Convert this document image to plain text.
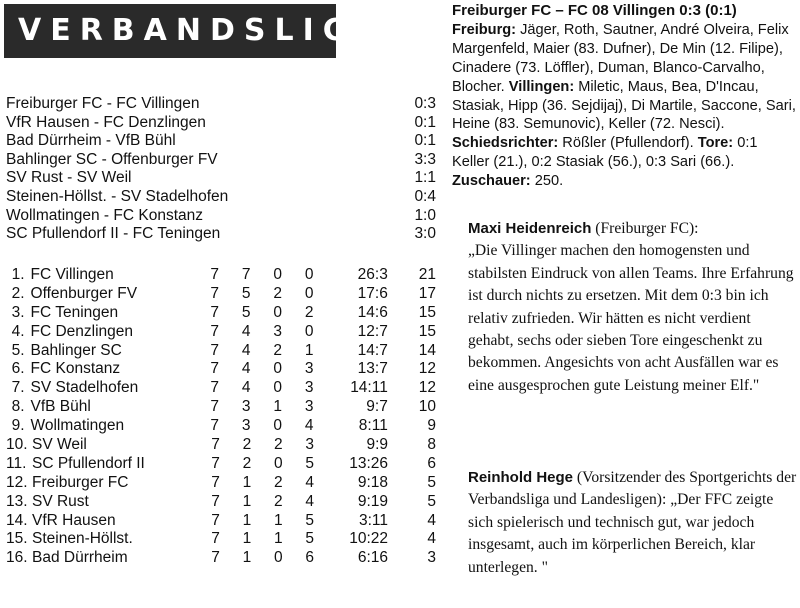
VERBANDSLIGA
Freiburger FC - FC Villingen	0:3
VfR Hausen - FC Denzlingen	0:1
Bad Dürrheim - VfB Bühl	0:1
Bahlinger SC - Offenburger FV	3:3
SV Rust - SV Weil	1:1
Steinen-Höllst. - SV Stadelhofen	0:4
Wollmatingen - FC Konstanz	1:0
SC Pfullendorf II - FC Teningen	3:0
1. FC Villingen	7	7	0	0	26:3	21
2. Offenburger FV	7	5	2	0	17:6	17
3. FC Teningen	7	5	0	2	14:6	15
4. FC Denzlingen	7	4	3	0	12:7	15
5. Bahlinger SC	7	4	2	1	14:7	14
6. FC Konstanz	7	4	0	3	13:7	12
7. SV Stadelhofen	7	4	0	3	14:11	12
8. VfB Bühl	7	3	1	3	9:7	10
9. Wollmatingen	7	3	0	4	8:11	9
10. SV Weil	7	2	2	3	9:9	8
11. SC Pfullendorf II	7	2	0	5	13:26	6
12. Freiburger FC	7	1	2	4	9:18	5
13. SV Rust	7	1	2	4	9:19	5
14. VfR Hausen	7	1	1	5	3:11	4
15. Steinen-Höllst.	7	1	1	5	10:22	4
16. Bad Dürrheim	7	1	0	6	6:16	3
Freiburger FC – FC 08 Villingen 0:3 (0:1)
Freiburg: Jäger, Roth, Sautner, André Olveira, Felix Margenfeld, Maier (83. Dufner), De Min (12. Filipe), Cinadere (73. Löffler), Duman, Blanco-Carvalho, Blocher. Villingen: Miletic, Maus, Bea, D'Incau, Stasiak, Hipp (36. Sejdijaj), Di Martile, Saccone, Sari, Heine (83. Semunovic), Keller (72. Nesci). Schiedsrichter: Rößler (Pfullendorf). Tore: 0:1 Keller (21.), 0:2 Stasiak (56.), 0:3 Sari (66.). Zuschauer: 250.
Maxi Heidenreich (Freiburger FC):
„Die Villinger machen den homogensten und stabilsten Eindruck von allen Teams. Ihre Erfahrung ist durch nichts zu ersetzen. Mit dem 0:3 bin ich relativ zufrieden. Wir hätten es nicht verdient gehabt, sechs oder sieben Tore eingeschenkt zu bekommen. Angesichts von acht Ausfällen war es eine ausgesprochen gute Leistung meiner Elf."
Reinhold Hege (Vorsitzender des Sportgerichts der Verbandsliga und Landesligen): „Der FFC zeigte sich spielerisch und technisch gut, war jedoch insgesamt, auch im körperlichen Bereich, klar unterlegen. "
